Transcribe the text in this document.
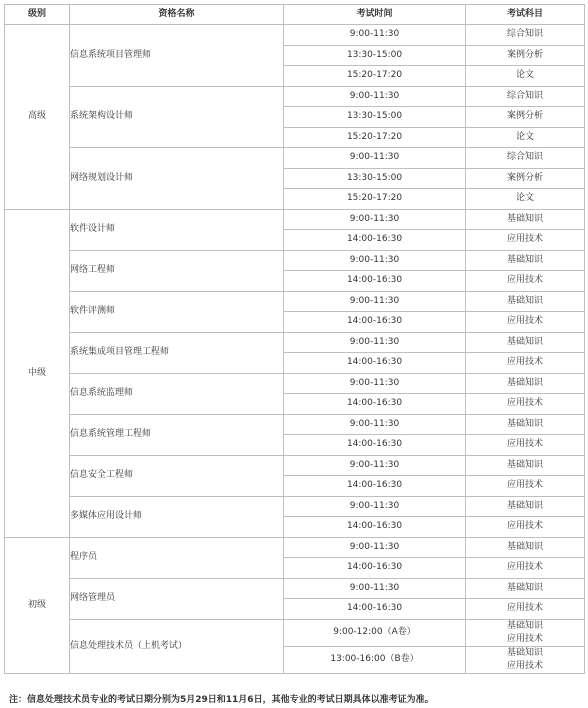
级别	资格名称	考试时间	考试科目
高级	信息系统项目管理师	9:00-11:30	综合知识

		13:30-15:00	案例分析

		15:20-17:20	论文

	系统架构设计师	9:00-11:30	综合知识

		13:30-15:00	案例分析

		15:20-17:20	论文

	网络规划设计师	9:00-11:30	综合知识

		13:30-15:00	案例分析

		15:20-17:20	论文

中级	软件设计师	9:00-11:30	基础知识

		14:00-16:30	应用技术

	网络工程师	9:00-11:30	基础知识

		14:00-16:30	应用技术

	软件评测师	9:00-11:30	基础知识

		14:00-16:30	应用技术

	系统集成项目管理工程师	9:00-11:30	基础知识

		14:00-16:30	应用技术

	信息系统监理师	9:00-11:30	基础知识

		14:00-16:30	应用技术

	信息系统管理工程师	9:00-11:30	基础知识

		14:00-16:30	应用技术

	信息安全工程师	9:00-11:30	基础知识

		14:00-16:30	应用技术

	多媒体应用设计师	9:00-11:30	基础知识

		14:00-16:30	应用技术

初级	程序员	9:00-11:30	基础知识

		14:00-16:30	应用技术

	网络管理员	9:00-11:30	基础知识

		14:00-16:30	应用技术

	信息处理技术员（上机考试）	9:00-12:00（A卷）	基础知识
应用技术

		13:00-16:00（B卷）	基础知识
应用技术
注：信息处理技术员专业的考试日期分别为5月29日和11月6日，其他专业的考试日期具体以准考证为准。
